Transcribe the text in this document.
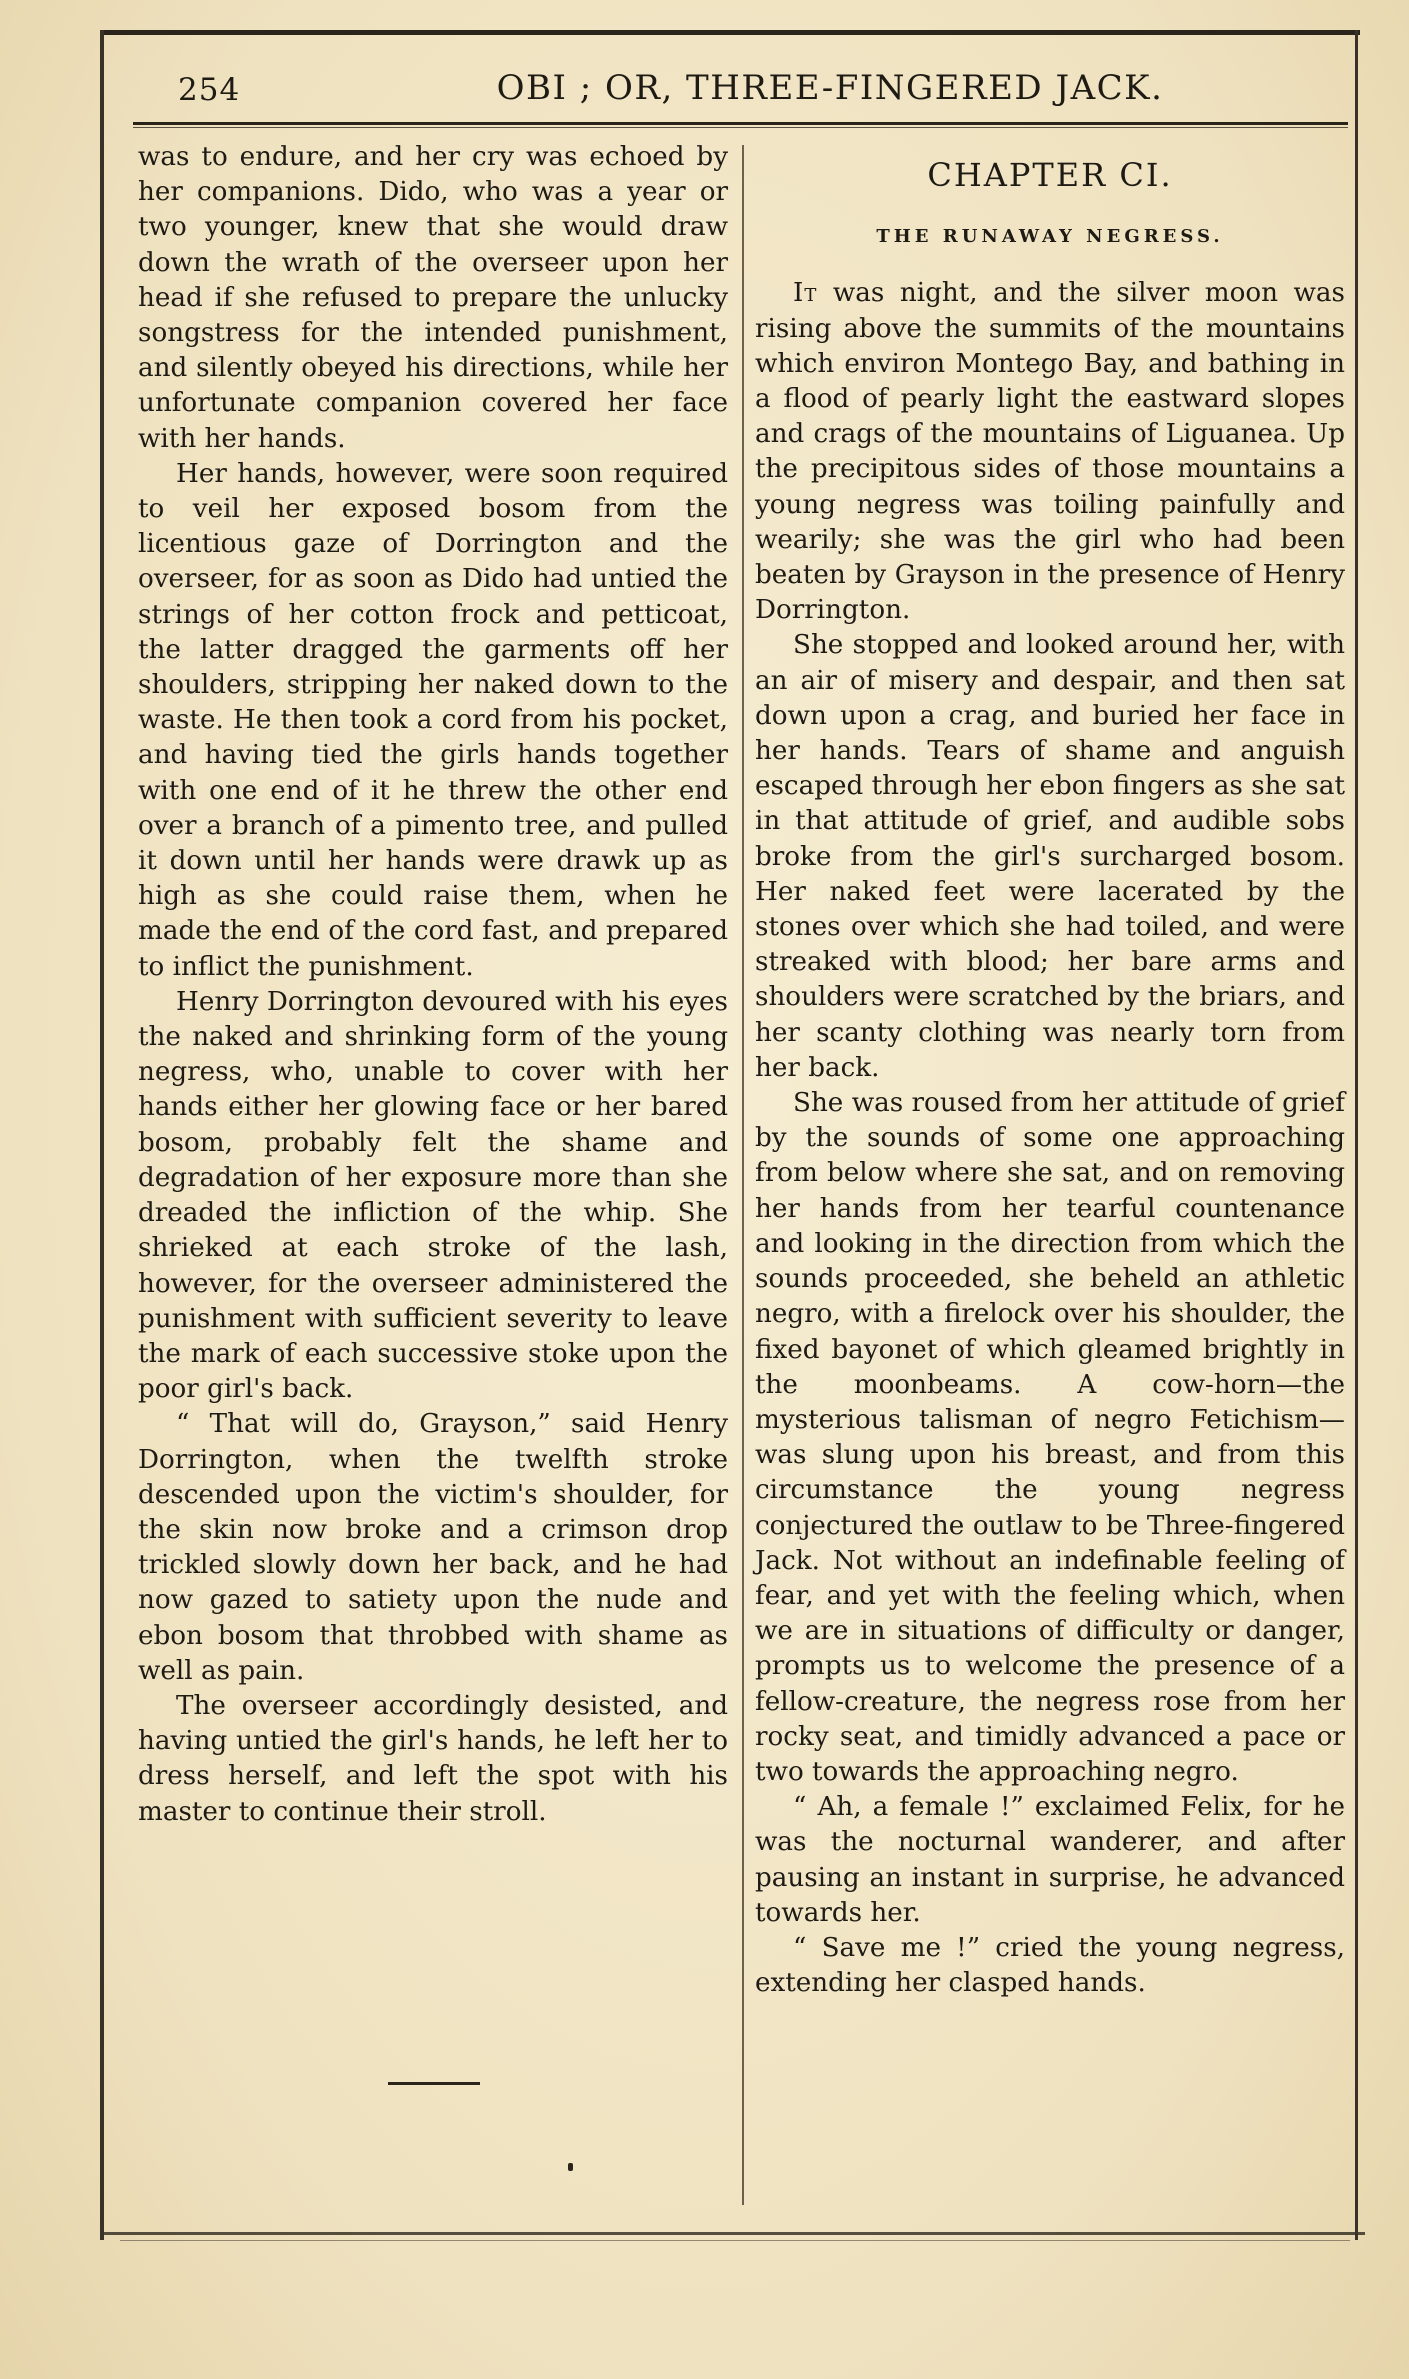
254	OBI ; OR, THREE-FINGERED JACK.

was to endure, and her cry was echoed by her companions. Dido, who was a year or two younger, knew that she would draw down the wrath of the overseer upon her head if she refused to prepare the unlucky songstress for the intended punishment, and silently obeyed his directions, while her unfortunate companion covered her face with her hands.

Her hands, however, were soon required to veil her exposed bosom from the licentious gaze of Dorrington and the overseer, for as soon as Dido had untied the strings of her cotton frock and petticoat, the latter dragged the garments off her shoulders, stripping her naked down to the waste. He then took a cord from his pocket, and having tied the girls hands together with one end of it he threw the other end over a branch of a pimento tree, and pulled it down until her hands were drawk up as high as she could raise them, when he made the end of the cord fast, and prepared to inflict the punishment.

Henry Dorrington devoured with his eyes the naked and shrinking form of the young negress, who, unable to cover with her hands either her glowing face or her bared bosom, probably felt the shame and degradation of her exposure more than she dreaded the infliction of the whip. She shrieked at each stroke of the lash, however, for the overseer administered the punishment with sufficient severity to leave the mark of each successive stoke upon the poor girl's back.

“ That will do, Grayson,” said Henry Dorrington, when the twelfth stroke descended upon the victim's shoulder, for the skin now broke and a crimson drop trickled slowly down her back, and he had now gazed to satiety upon the nude and ebon bosom that throbbed with shame as well as pain.

The overseer accordingly desisted, and having untied the girl's hands, he left her to dress herself, and left the spot with his master to continue their stroll.

CHAPTER CI.
THE RUNAWAY NEGRESS.

It was night, and the silver moon was rising above the summits of the mountains which environ Montego Bay, and bathing in a flood of pearly light the eastward slopes and crags of the mountains of Liguanea. Up the precipitous sides of those mountains a young negress was toiling painfully and wearily; she was the girl who had been beaten by Grayson in the presence of Henry Dorrington.

She stopped and looked around her, with an air of misery and despair, and then sat down upon a crag, and buried her face in her hands. Tears of shame and anguish escaped through her ebon fingers as she sat in that attitude of grief, and audible sobs broke from the girl's surcharged bosom. Her naked feet were lacerated by the stones over which she had toiled, and were streaked with blood; her bare arms and shoulders were scratched by the briars, and her scanty clothing was nearly torn from her back.

She was roused from her attitude of grief by the sounds of some one approaching from below where she sat, and on removing her hands from her tearful countenance and looking in the direction from which the sounds proceeded, she beheld an athletic negro, with a firelock over his shoulder, the fixed bayonet of which gleamed brightly in the moonbeams. A cow-horn—the mysterious talisman of negro Fetichism—was slung upon his breast, and from this circumstance the young negress conjectured the outlaw to be Three-fingered Jack. Not without an indefinable feeling of fear, and yet with the feeling which, when we are in situations of difficulty or danger, prompts us to welcome the presence of a fellow-creature, the negress rose from her rocky seat, and timidly advanced a pace or two towards the approaching negro.

“ Ah, a female !” exclaimed Felix, for he was the nocturnal wanderer, and after pausing an instant in surprise, he advanced towards her.

“ Save me !” cried the young negress, extending her clasped hands.
